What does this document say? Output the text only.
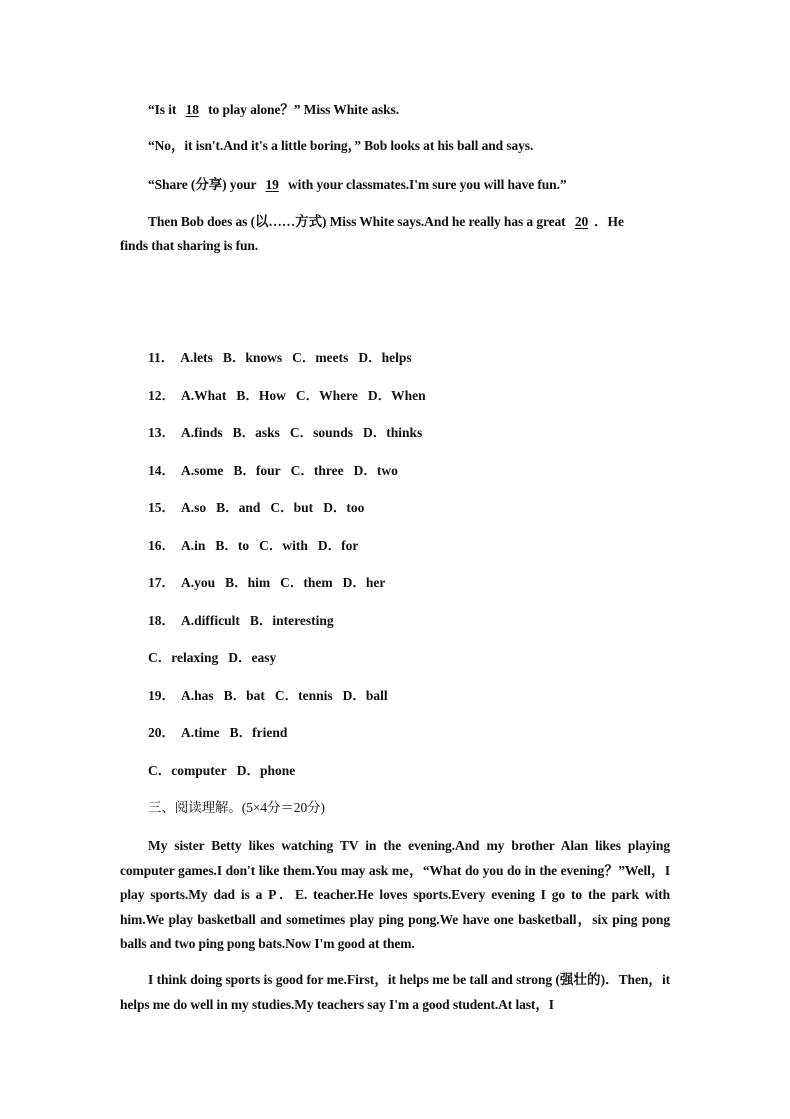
“Is it 18 to play alone？” Miss White asks.
“No，it isn't.And it's a little boring，” Bob looks at his ball and says.
“Share (分享) your 19 with your classmates.I'm sure you will have fun.”
Then Bob does as (以……方式) Miss White says.And he really has a great 20 ．He
finds that sharing is fun.
11． A.lets B．knows C．meets D．helps
12． A.What B．How C．Where D．When
13． A.finds B．asks C．sounds D．thinks
14． A.some B．four C．three D．two
15． A.so B．and C．but D．too
16． A.in B．to C．with D．for
17． A.you B．him C．them D．her
18． A.difficult B．interesting
C．relaxing D．easy
19． A.has B．bat C．tennis D．ball
20． A.time B．friend
C．computer D．phone
三、阅读理解。(5×4分＝20分)
My sister Betty likes watching TV in the evening.And my brother Alan likes playing computer games.I don't like them.You may ask me，“What do you do in the evening？”Well，I play sports.My dad is a P．E. teacher.He loves sports.Every evening I go to the park with him.We play basketball and sometimes play ping pong.We have one basketball，six ping pong balls and two ping pong bats.Now I'm good at them.
I think doing sports is good for me.First，it helps me be tall and strong (强壮的)．Then，it helps me do well in my studies.My teachers say I'm a good student.At last，I
